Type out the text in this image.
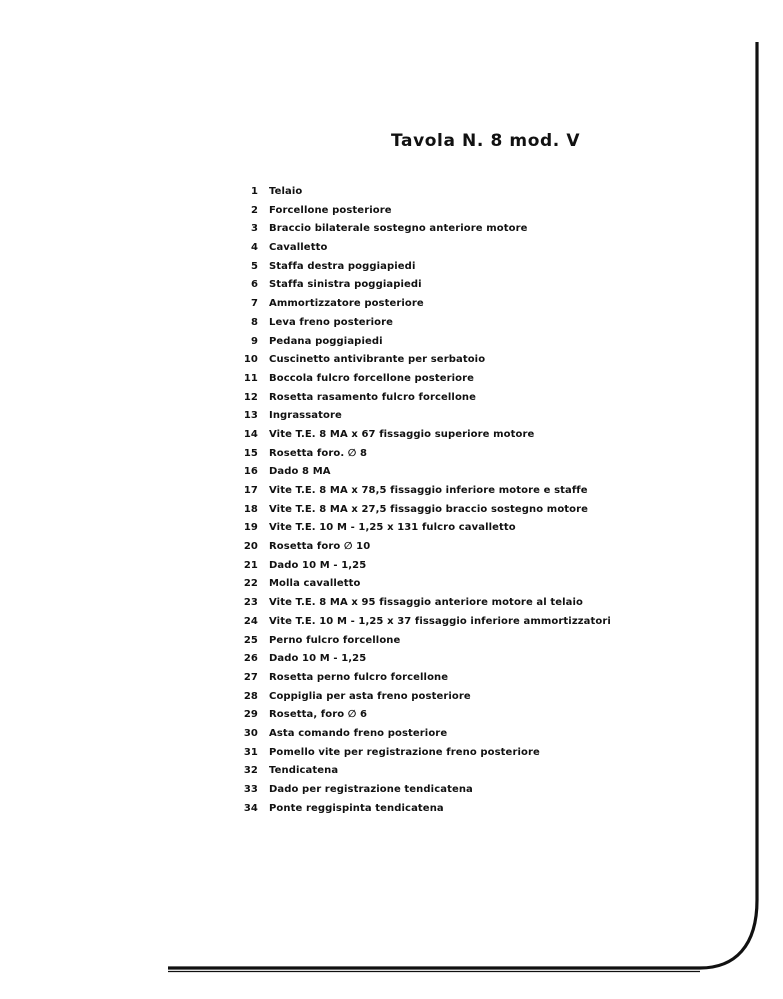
Tavola N. 8 mod. V
1 Telaio
2 Forcellone posteriore
3 Braccio bilaterale sostegno anteriore motore
4 Cavalletto
5 Staffa destra poggiapiedi
6 Staffa sinistra poggiapiedi
7 Ammortizzatore posteriore
8 Leva freno posteriore
9 Pedana poggiapiedi
10 Cuscinetto antivibrante per serbatoio
11 Boccola fulcro forcellone posteriore
12 Rosetta rasamento fulcro forcellone
13 Ingrassatore
14 Vite T.E. 8 MA x 67 fissaggio superiore motore
15 Rosetta foro. ∅ 8
16 Dado 8 MA
17 Vite T.E. 8 MA x 78,5 fissaggio inferiore motore e staffe
18 Vite T.E. 8 MA x 27,5 fissaggio braccio sostegno motore
19 Vite T.E. 10 M - 1,25 x 131 fulcro cavalletto
20 Rosetta foro ∅ 10
21 Dado 10 M - 1,25
22 Molla cavalletto
23 Vite T.E. 8 MA x 95 fissaggio anteriore motore al telaio
24 Vite T.E. 10 M - 1,25 x 37 fissaggio inferiore ammortizzatori
25 Perno fulcro forcellone
26 Dado 10 M - 1,25
27 Rosetta perno fulcro forcellone
28 Coppiglia per asta freno posteriore
29 Rosetta, foro ∅ 6
30 Asta comando freno posteriore
31 Pomello vite per registrazione freno posteriore
32 Tendicatena
33 Dado per registrazione tendicatena
34 Ponte reggispinta tendicatena
